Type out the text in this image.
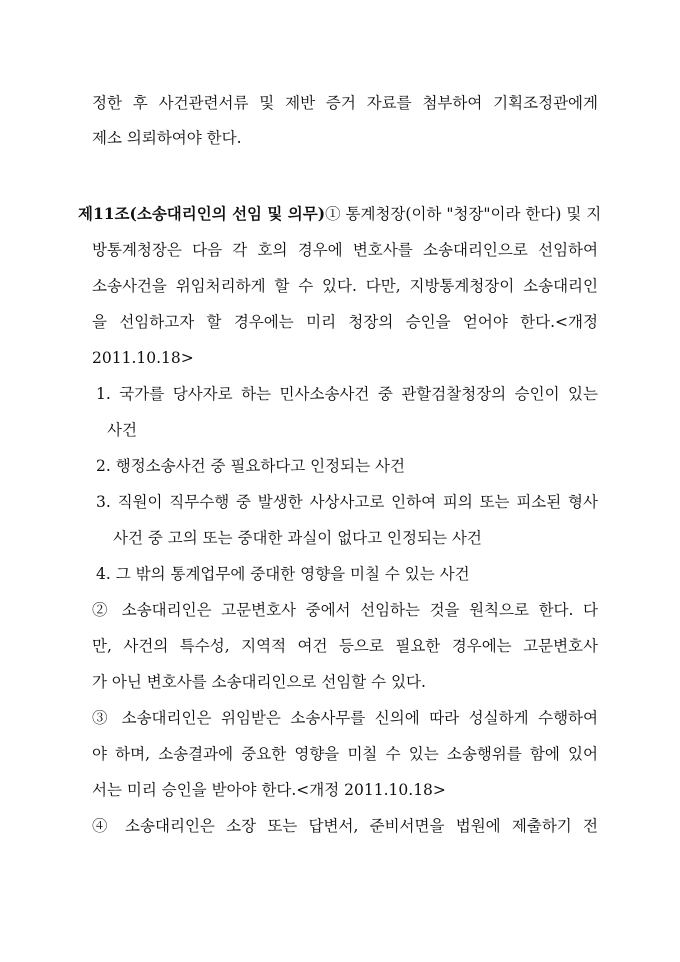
정한 후 사건관련서류 및 제반 증거 자료를 첨부하여 기획조정관에게
제소 의뢰하여야 한다.
제11조(소송대리인의 선임 및 의무) ① 통계청장(이하 "청장"이라 한다) 및 지
방통계청장은 다음 각 호의 경우에 변호사를 소송대리인으로 선임하여
소송사건을 위임처리하게 할 수 있다. 다만, 지방통계청장이 소송대리인
을 선임하고자 할 경우에는 미리 청장의 승인을 얻어야 한다.<개정
2011.10.18>
1. 국가를 당사자로 하는 민사소송사건 중 관할검찰청장의 승인이 있는
사건
2. 행정소송사건 중 필요하다고 인정되는 사건
3. 직원이 직무수행 중 발생한 사상사고로 인하여 피의 또는 피소된 형사
사건 중 고의 또는 중대한 과실이 없다고 인정되는 사건
4. 그 밖의 통계업무에 중대한 영향을 미칠 수 있는 사건
② 소송대리인은 고문변호사 중에서 선임하는 것을 원칙으로 한다. 다
만, 사건의 특수성, 지역적 여건 등으로 필요한 경우에는 고문변호사
가 아닌 변호사를 소송대리인으로 선임할 수 있다.
③ 소송대리인은 위임받은 소송사무를 신의에 따라 성실하게 수행하여
야 하며, 소송결과에 중요한 영향을 미칠 수 있는 소송행위를 함에 있어
서는 미리 승인을 받아야 한다.<개정 2011.10.18>
④ 소송대리인은 소장 또는 답변서, 준비서면을 법원에 제출하기 전
